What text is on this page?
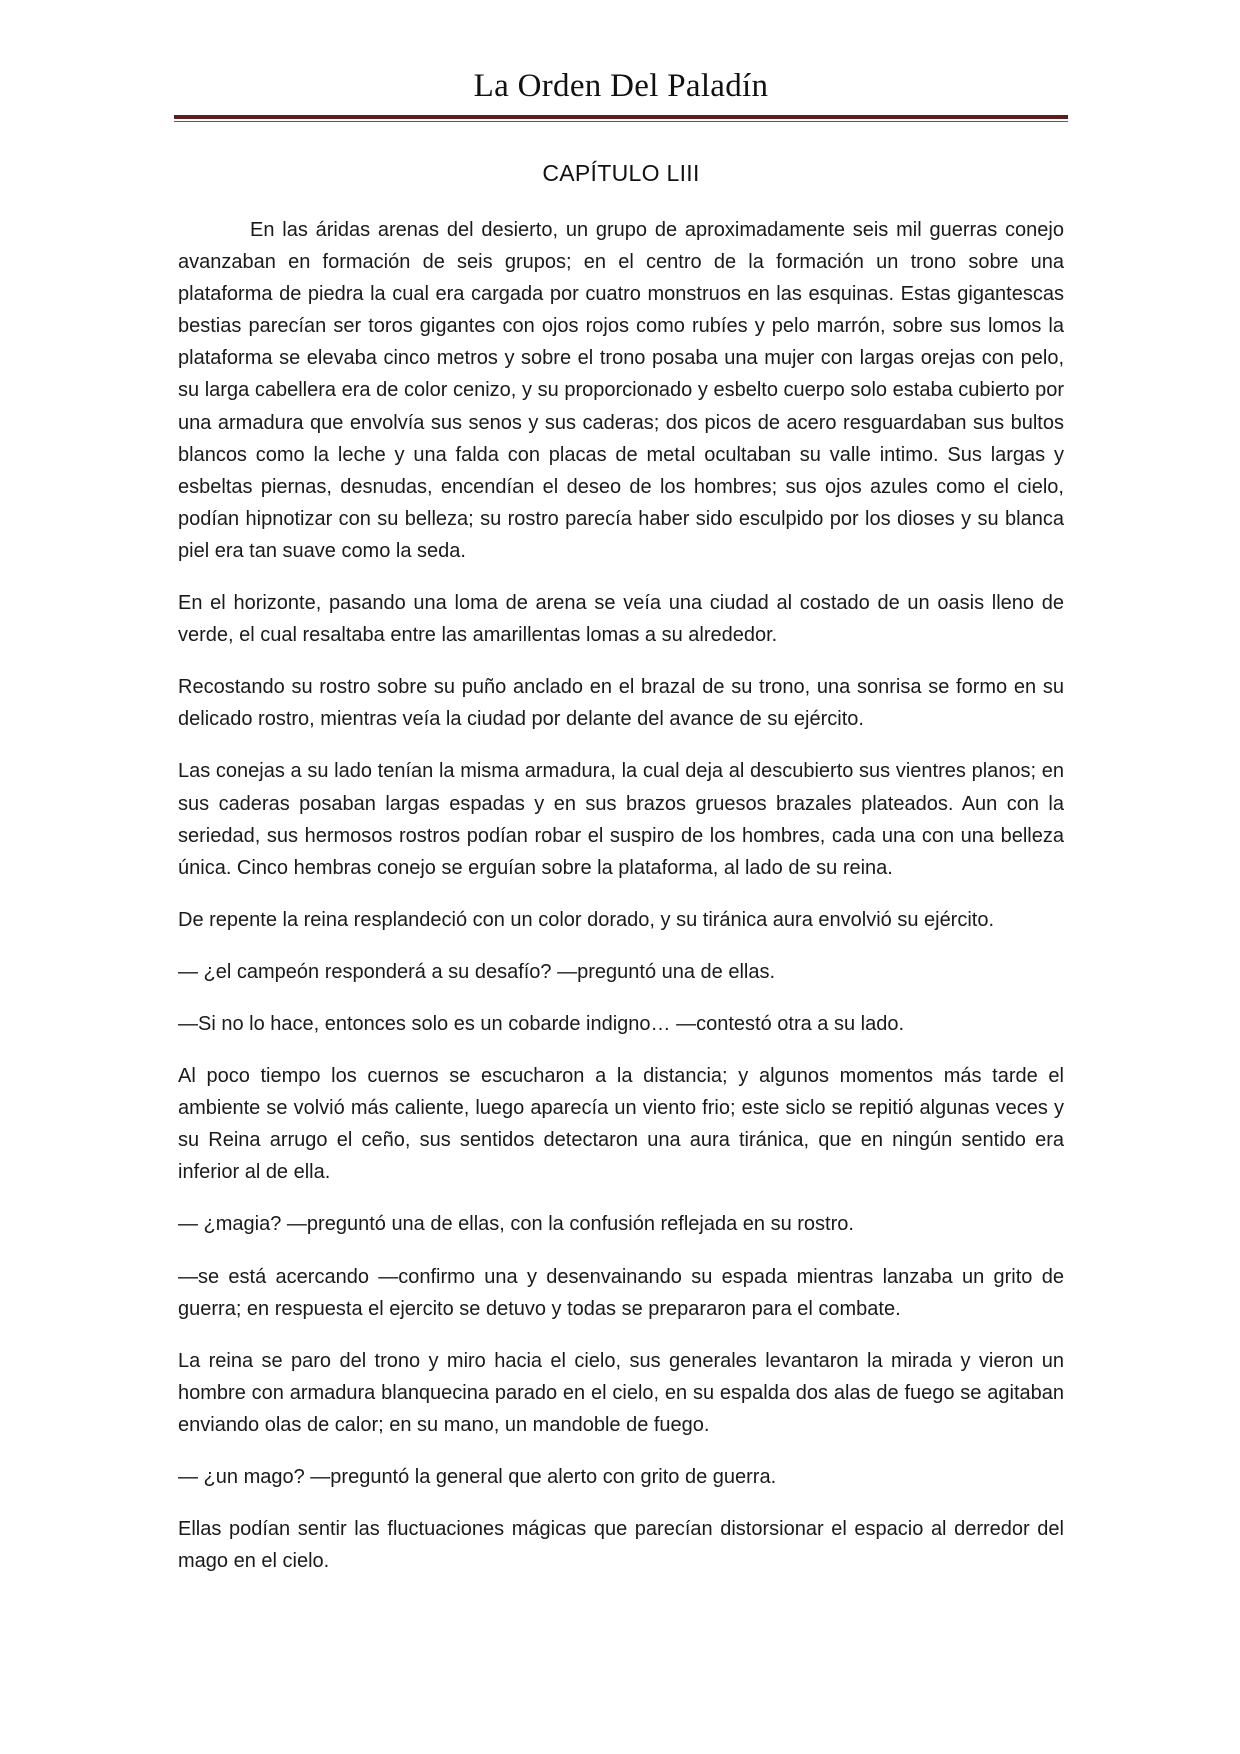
La Orden Del Paladín
CAPÍTULO LIII

En las áridas arenas del desierto, un grupo de aproximadamente seis mil guerras conejo avanzaban en formación de seis grupos; en el centro de la formación un trono sobre una plataforma de piedra la cual era cargada por cuatro monstruos en las esquinas. Estas gigantescas bestias parecían ser toros gigantes con ojos rojos como rubíes y pelo marrón, sobre sus lomos la plataforma se elevaba cinco metros y sobre el trono posaba una mujer con largas orejas con pelo, su larga cabellera era de color cenizo, y su proporcionado y esbelto cuerpo solo estaba cubierto por una armadura que envolvía sus senos y sus caderas; dos picos de acero resguardaban sus bultos blancos como la leche y una falda con placas de metal ocultaban su valle intimo. Sus largas y esbeltas piernas, desnudas, encendían el deseo de los hombres; sus ojos azules como el cielo, podían hipnotizar con su belleza; su rostro parecía haber sido esculpido por los dioses y su blanca piel era tan suave como la seda.

En el horizonte, pasando una loma de arena se veía una ciudad al costado de un oasis lleno de verde, el cual resaltaba entre las amarillentas lomas a su alrededor.

Recostando su rostro sobre su puño anclado en el brazal de su trono, una sonrisa se formo en su delicado rostro, mientras veía la ciudad por delante del avance de su ejército.

Las conejas a su lado tenían la misma armadura, la cual deja al descubierto sus vientres planos; en sus caderas posaban largas espadas y en sus brazos gruesos brazales plateados. Aun con la seriedad, sus hermosos rostros podían robar el suspiro de los hombres, cada una con una belleza única. Cinco hembras conejo se erguían sobre la plataforma, al lado de su reina.

De repente la reina resplandeció con un color dorado, y su tiránica aura envolvió su ejército.

— ¿el campeón responderá a su desafío? —preguntó una de ellas.

—Si no lo hace, entonces solo es un cobarde indigno… —contestó otra a su lado.

Al poco tiempo los cuernos se escucharon a la distancia; y algunos momentos más tarde el ambiente se volvió más caliente, luego aparecía un viento frio; este siclo se repitió algunas veces y su Reina arrugo el ceño, sus sentidos detectaron una aura tiránica, que en ningún sentido era inferior al de ella.

— ¿magia? —preguntó una de ellas, con la confusión reflejada en su rostro.

—se está acercando —confirmo una y desenvainando su espada mientras lanzaba un grito de guerra; en respuesta el ejercito se detuvo y todas se prepararon para el combate.

La reina se paro del trono y miro hacia el cielo, sus generales levantaron la mirada y vieron un hombre con armadura blanquecina parado en el cielo, en su espalda dos alas de fuego se agitaban enviando olas de calor; en su mano, un mandoble de fuego.

— ¿un mago? —preguntó la general que alerto con grito de guerra.

Ellas podían sentir las fluctuaciones mágicas que parecían distorsionar el espacio al derredor del mago en el cielo.
